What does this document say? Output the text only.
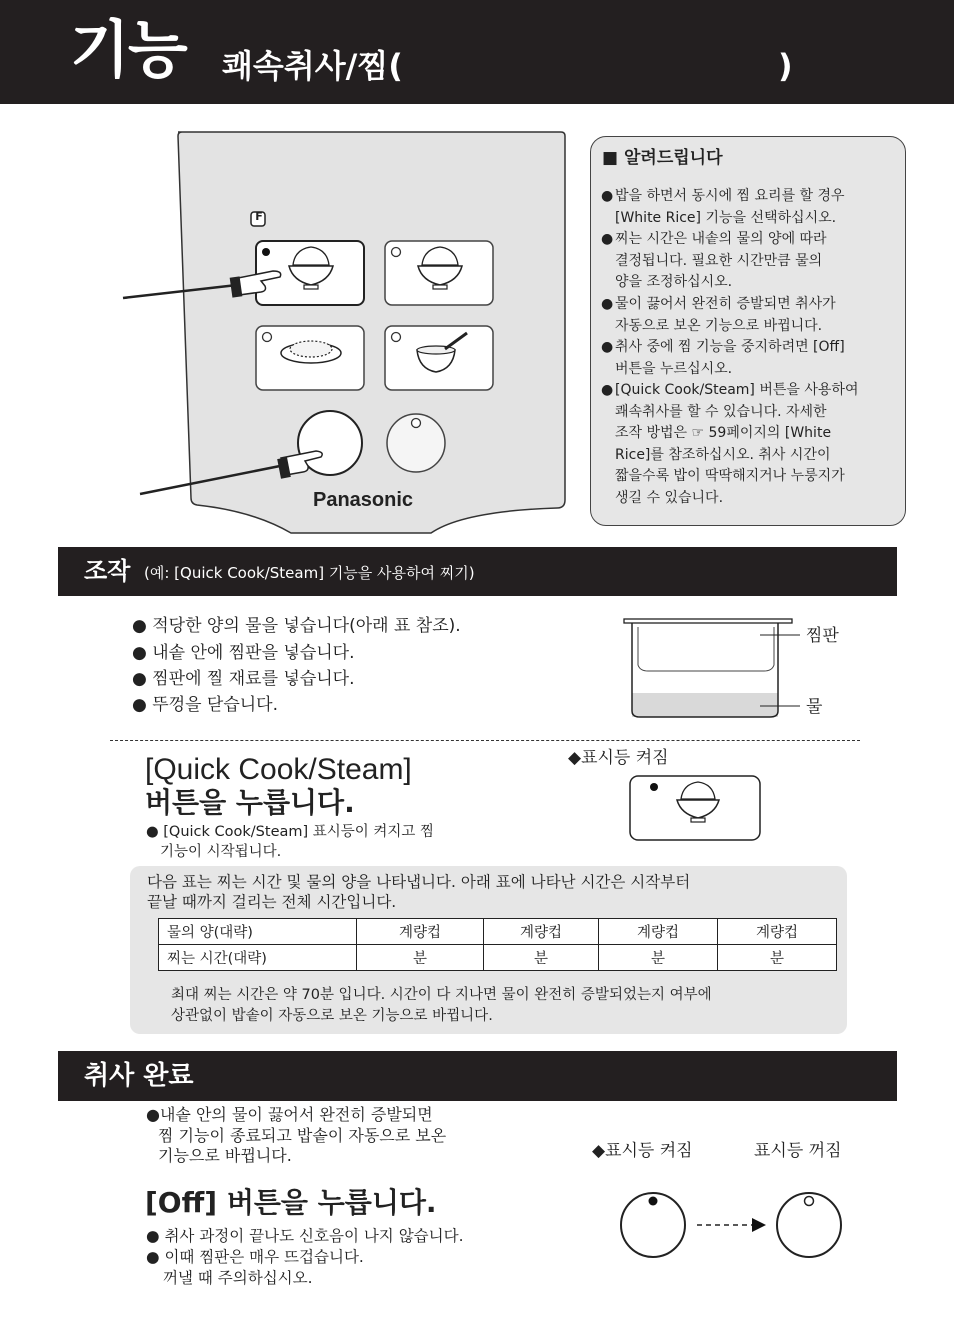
기능 쾌속취사/찜(	)
F
Panasonic
■ 알려드립니다
● 밥을 하면서 동시에 찜 요리를 할 경우
[White Rice] 기능을 선택하십시오.
● 찌는 시간은 내솥의 물의 양에 따라
결정됩니다. 필요한 시간만큼 물의
양을 조정하십시오.
● 물이 끓어서 완전히 증발되면 취사가
자동으로 보온 기능으로 바뀝니다.
● 취사 중에 찜 기능을 중지하려면 [Off]
버튼을 누르십시오.
● [Quick Cook/Steam] 버튼을 사용하여
쾌속취사를 할 수 있습니다. 자세한
조작 방법은 ☞ 59페이지의 [White
Rice]를 참조하십시오. 취사 시간이
짧을수록 밥이 딱딱해지거나 누룽지가
생길 수 있습니다.
조작 (예: [Quick Cook/Steam] 기능을 사용하여 찌기)
● 적당한 양의 물을 넣습니다(아래 표 참조).
● 내솥 안에 찜판을 넣습니다.
● 찜판에 찔 재료를 넣습니다.
● 뚜껑을 닫습니다.
찜판
물
[Quick Cook/Steam]
버튼을 누릅니다.
● [Quick Cook/Steam] 표시등이 켜지고 찜
기능이 시작됩니다.
◆표시등 켜짐
다음 표는 찌는 시간 및 물의 양을 나타냅니다. 아래 표에 나타난 시간은 시작부터
끝날 때까지 걸리는 전체 시간입니다.
물의 양(대략)	계량컵	계량컵	계량컵	계량컵
찌는 시간(대략)	분	분	분	분
최대 찌는 시간은 약 70분 입니다. 시간이 다 지나면 물이 완전히 증발되었는지 여부에
상관없이 밥솥이 자동으로 보온 기능으로 바뀝니다.
취사 완료
●내솥 안의 물이 끓어서 완전히 증발되면
찜 기능이 종료되고 밥솥이 자동으로 보온
기능으로 바뀝니다.	◆표시등 켜짐	표시등 꺼짐
[Off] 버튼을 누릅니다.
● 취사 과정이 끝나도 신호음이 나지 않습니다.
● 이때 찜판은 매우 뜨겁습니다.
꺼낼 때 주의하십시오.
